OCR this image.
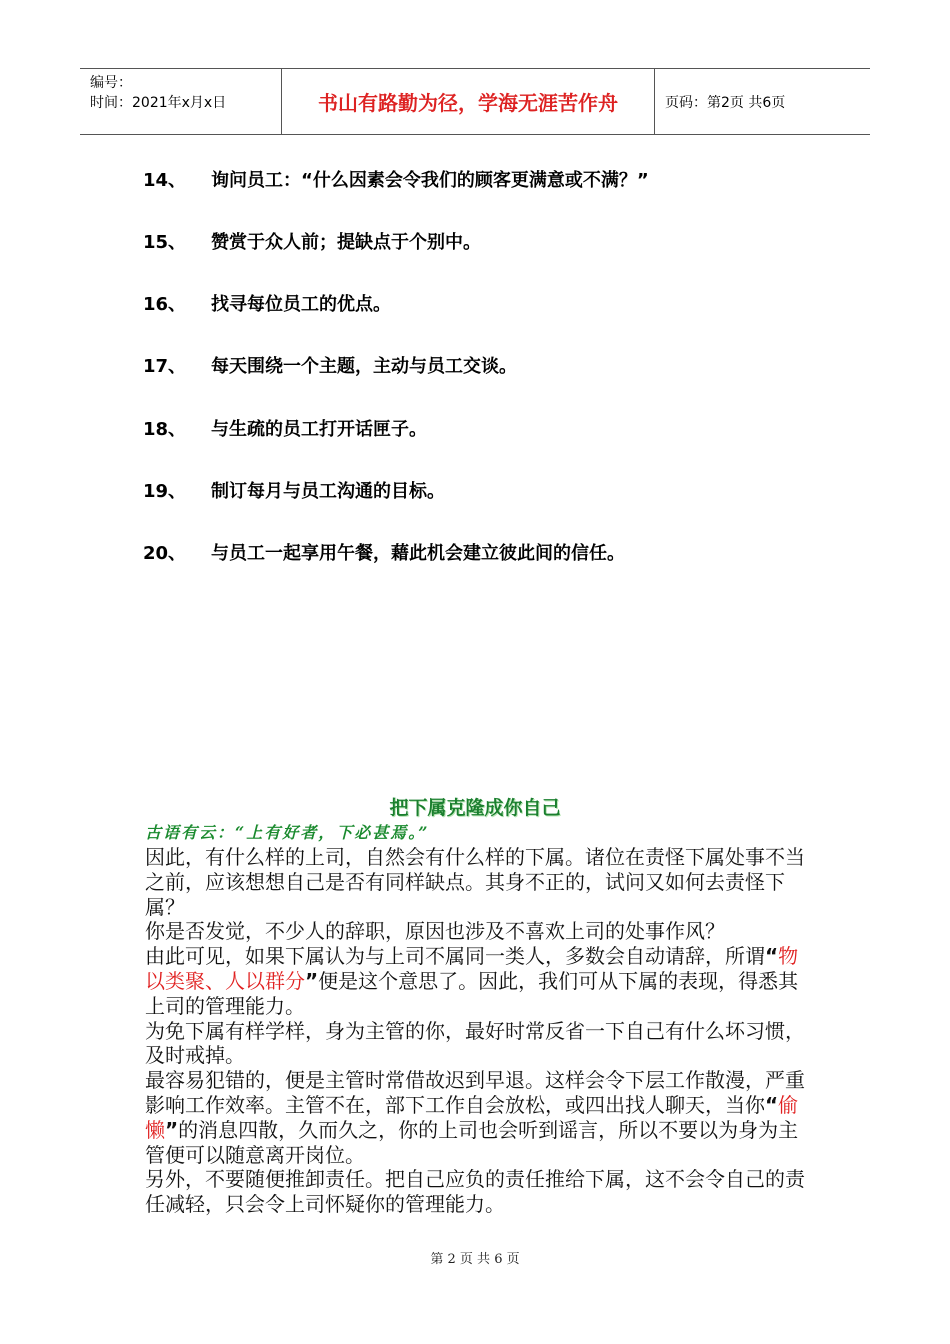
编号：
时间：2021年x月x日	书山有路勤为径，学海无涯苦作舟	页码：第2页 共6页
14、 询问员工：“什么因素会令我们的顾客更满意或不满？”
15、 赞赏于众人前；提缺点于个别中。
16、 找寻每位员工的优点。
17、 每天围绕一个主题，主动与员工交谈。
18、 与生疏的员工打开话匣子。
19、 制订每月与员工沟通的目标。
20、 与员工一起享用午餐，藉此机会建立彼此间的信任。
把下属克隆成你自己
古语有云：“上有好者，下必甚焉。”

因此，有什么样的上司，自然会有什么样的下属。诸位在责怪下属处事不当之前，应该想想自己是否有同样缺点。其身不正的，试问又如何去责怪下属？

你是否发觉，不少人的辞职，原因也涉及不喜欢上司的处事作风？

由此可见，如果下属认为与上司不属同一类人，多数会自动请辞，所谓“物以类聚、人以群分”便是这个意思了。因此，我们可从下属的表现，得悉其上司的管理能力。

为免下属有样学样，身为主管的你，最好时常反省一下自己有什么坏习惯，及时戒掉。

最容易犯错的，便是主管时常借故迟到早退。这样会令下层工作散漫，严重影响工作效率。主管不在，部下工作自会放松，或四出找人聊天，当你“偷懒”的消息四散，久而久之，你的上司也会听到谣言，所以不要以为身为主管便可以随意离开岗位。

另外，不要随便推卸责任。把自己应负的责任推给下属，这不会令自己的责任减轻，只会令上司怀疑你的管理能力。

第 2 页 共 6 页
